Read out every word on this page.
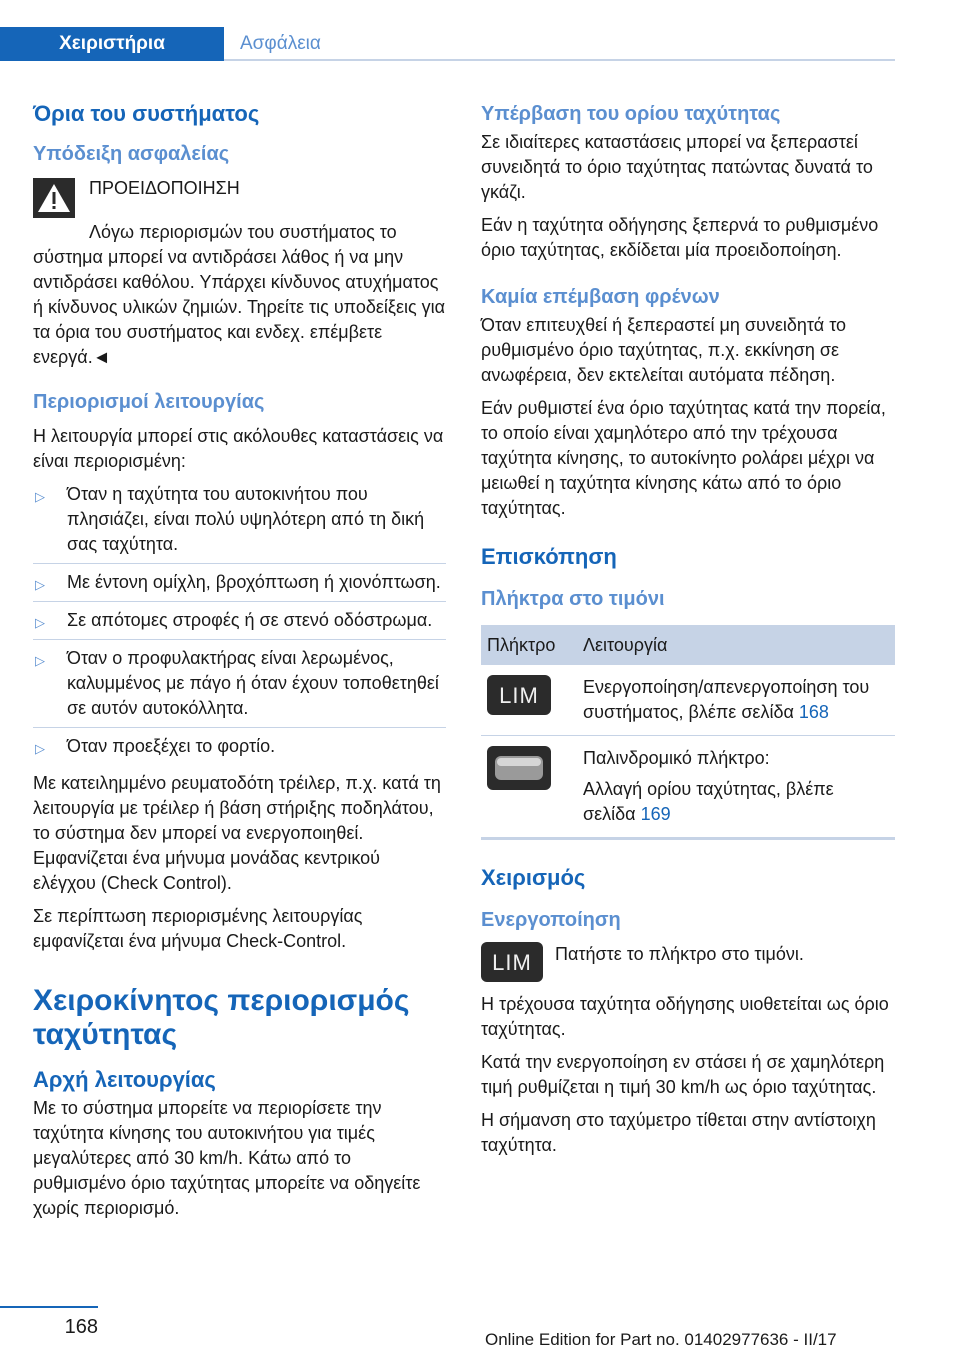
Χειριστήρια	Ασφάλεια
Όρια του συστήματος
Υπόδειξη ασφαλείας
ΠΡΟΕΙΔΟΠΟΙΗΣΗ

Λόγω περιορισμών του συστήματος το σύστημα μπορεί να αντιδράσει λάθος ή να μην αντιδράσει καθόλου. Υπάρχει κίνδυνος ατυχήματος ή κίνδυνος υλικών ζημιών. Τηρείτε τις υποδείξεις για τα όρια του συστήματος και ενδεχ. επέμβετε ενεργά.◄

Περιορισμοί λειτουργίας

Η λειτουργία μπορεί στις ακόλουθες καταστάσεις να είναι περιορισμένη:

▷ Όταν η ταχύτητα του αυτοκινήτου που πλησιάζει, είναι πολύ υψηλότερη από τη δική σας ταχύτητα.
▷ Με έντονη ομίχλη, βροχόπτωση ή χιονόπτωση.
▷ Σε απότομες στροφές ή σε στενό οδόστρωμα.
▷ Όταν ο προφυλακτήρας είναι λερωμένος, καλυμμένος με πάγο ή όταν έχουν τοποθετηθεί σε αυτόν αυτοκόλλητα.
▷ Όταν προεξέχει το φορτίο.

Με κατειλημμένο ρευματοδότη τρέιλερ, π.χ. κατά τη λειτουργία με τρέιλερ ή βάση στήριξης ποδηλάτου, το σύστημα δεν μπορεί να ενεργοποιηθεί. Εμφανίζεται ένα μήνυμα μονάδας κεντρικού ελέγχου (Check Control).

Σε περίπτωση περιορισμένης λειτουργίας εμφανίζεται ένα μήνυμα Check-Control.

Χειροκίνητος περιορισμός ταχύτητας
Αρχή λειτουργίας

Με το σύστημα μπορείτε να περιορίσετε την ταχύτητα κίνησης του αυτοκινήτου για τιμές μεγαλύτερες από 30 km/h. Κάτω από το ρυθμισμένο όριο ταχύτητας μπορείτε να οδηγείτε χωρίς περιορισμό.

Υπέρβαση του ορίου ταχύτητας

Σε ιδιαίτερες καταστάσεις μπορεί να ξεπεραστεί συνειδητά το όριο ταχύτητας πατώντας δυνατά το γκάζι.

Εάν η ταχύτητα οδήγησης ξεπερνά το ρυθμισμένο όριο ταχύτητας, εκδίδεται μία προειδοποίηση.

Καμία επέμβαση φρένων

Όταν επιτευχθεί ή ξεπεραστεί μη συνειδητά το ρυθμισμένο όριο ταχύτητας, π.χ. εκκίνηση σε ανωφέρεια, δεν εκτελείται αυτόματα πέδηση.

Εάν ρυθμιστεί ένα όριο ταχύτητας κατά την πορεία, το οποίο είναι χαμηλότερο από την τρέχουσα ταχύτητα κίνησης, το αυτοκίνητο ρολάρει μέχρι να μειωθεί η ταχύτητα κίνησης κάτω από το όριο ταχύτητας.

Επισκόπηση
Πλήκτρα στο τιμόνι
Πλήκτρο	Λειτουργία

LIM	Ενεργοποίηση/απενεργοποίηση του συστήματος, βλέπε σελίδα 168

Παλινδρομικό πλήκτρο:
Αλλαγή ορίου ταχύτητας, βλέπε σελίδα 169
Χειρισμός
Ενεργοποίηση
LIM	Πατήστε το πλήκτρο στο τιμόνι.

Η τρέχουσα ταχύτητα οδήγησης υιοθετείται ως όριο ταχύτητας.

Κατά την ενεργοποίηση εν στάσει ή σε χαμηλότερη τιμή ρυθμίζεται η τιμή 30 km/h ως όριο ταχύτητας.

Η σήμανση στο ταχύμετρο τίθεται στην αντίστοιχη ταχύτητα.

168
Online Edition for Part no. 01402977636 - II/17
